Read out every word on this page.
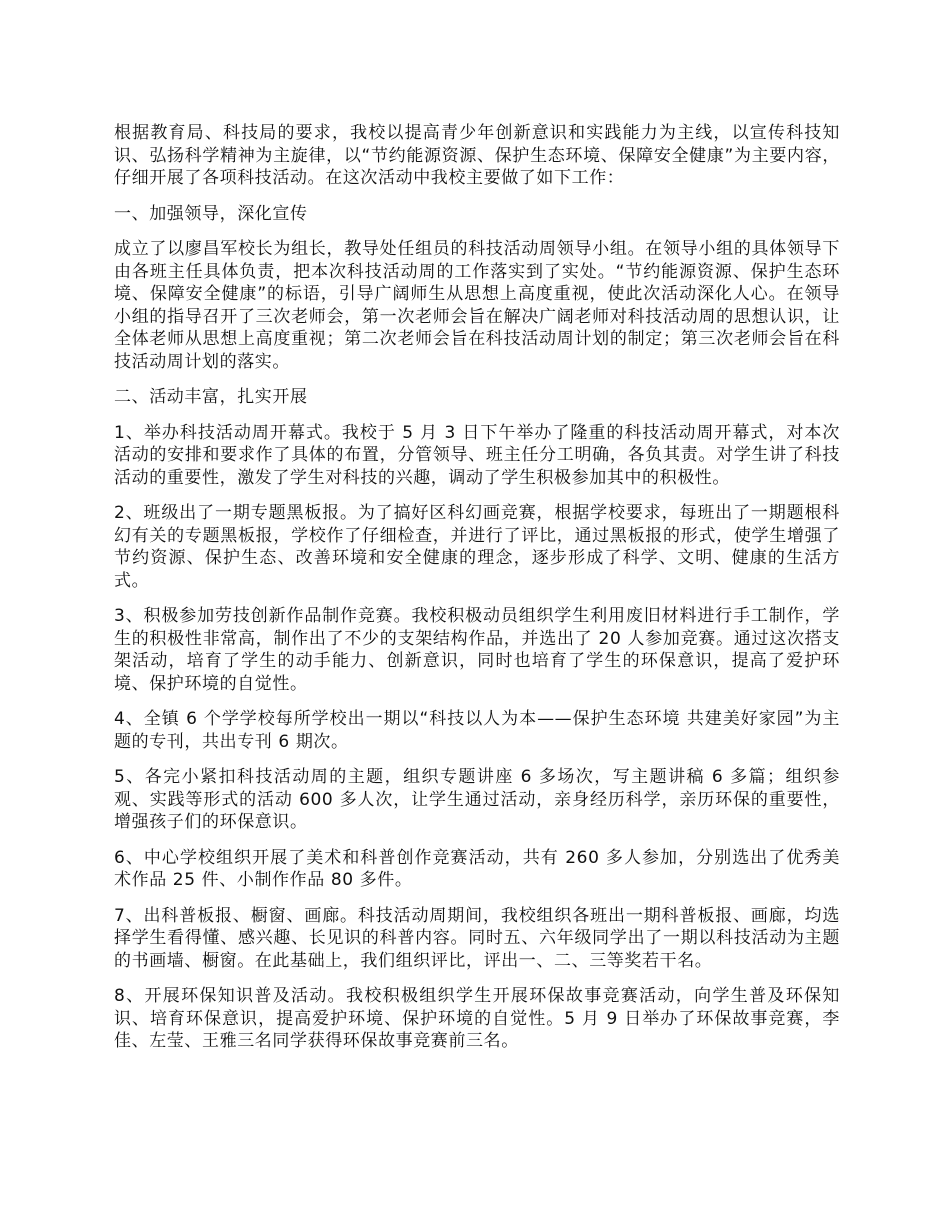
根据教育局、科技局的要求，我校以提高青少年创新意识和实践能力为主线，以宣传科技知识、弘扬科学精神为主旋律，以“节约能源资源、保护生态环境、保障安全健康”为主要内容，仔细开展了各项科技活动。在这次活动中我校主要做了如下工作：

一、加强领导，深化宣传

成立了以廖昌军校长为组长，教导处任组员的科技活动周领导小组。在领导小组的具体领导下由各班主任具体负责，把本次科技活动周的工作落实到了实处。“节约能源资源、保护生态环境、保障安全健康”的标语，引导广阔师生从思想上高度重视，使此次活动深化人心。在领导小组的指导召开了三次老师会，第一次老师会旨在解决广阔老师对科技活动周的思想认识，让全体老师从思想上高度重视；第二次老师会旨在科技活动周计划的制定；第三次老师会旨在科技活动周计划的落实。

二、活动丰富，扎实开展

1、举办科技活动周开幕式。我校于 5 月 3 日下午举办了隆重的科技活动周开幕式，对本次活动的安排和要求作了具体的布置，分管领导、班主任分工明确，各负其责。对学生讲了科技活动的重要性，激发了学生对科技的兴趣，调动了学生积极参加其中的积极性。

2、班级出了一期专题黑板报。为了搞好区科幻画竞赛，根据学校要求，每班出了一期题根科幻有关的专题黑板报，学校作了仔细检查，并进行了评比，通过黑板报的形式，使学生增强了节约资源、保护生态、改善环境和安全健康的理念，逐步形成了科学、文明、健康的生活方式。

3、积极参加劳技创新作品制作竞赛。我校积极动员组织学生利用废旧材料进行手工制作，学生的积极性非常高，制作出了不少的支架结构作品，并选出了 20 人参加竞赛。通过这次搭支架活动，培育了学生的动手能力、创新意识，同时也培育了学生的环保意识，提高了爱护环境、保护环境的自觉性。

4、全镇 6 个学学校每所学校出一期以“科技以人为本——保护生态环境 共建美好家园”为主题的专刊，共出专刊 6 期次。

5、各完小紧扣科技活动周的主题，组织专题讲座 6 多场次，写主题讲稿 6 多篇；组织参观、实践等形式的活动 600 多人次，让学生通过活动，亲身经历科学，亲历环保的重要性，增强孩子们的环保意识。

6、中心学校组织开展了美术和科普创作竞赛活动，共有 260 多人参加，分别选出了优秀美术作品 25 件、小制作作品 80 多件。

7、出科普板报、橱窗、画廊。科技活动周期间，我校组织各班出一期科普板报、画廊，均选择学生看得懂、感兴趣、长见识的科普内容。同时五、六年级同学出了一期以科技活动为主题的书画墙、橱窗。在此基础上，我们组织评比，评出一、二、三等奖若干名。

8、开展环保知识普及活动。我校积极组织学生开展环保故事竞赛活动，向学生普及环保知识、培育环保意识，提高爱护环境、保护环境的自觉性。5 月 9 日举办了环保故事竞赛，李佳、左莹、王雅三名同学获得环保故事竞赛前三名。
